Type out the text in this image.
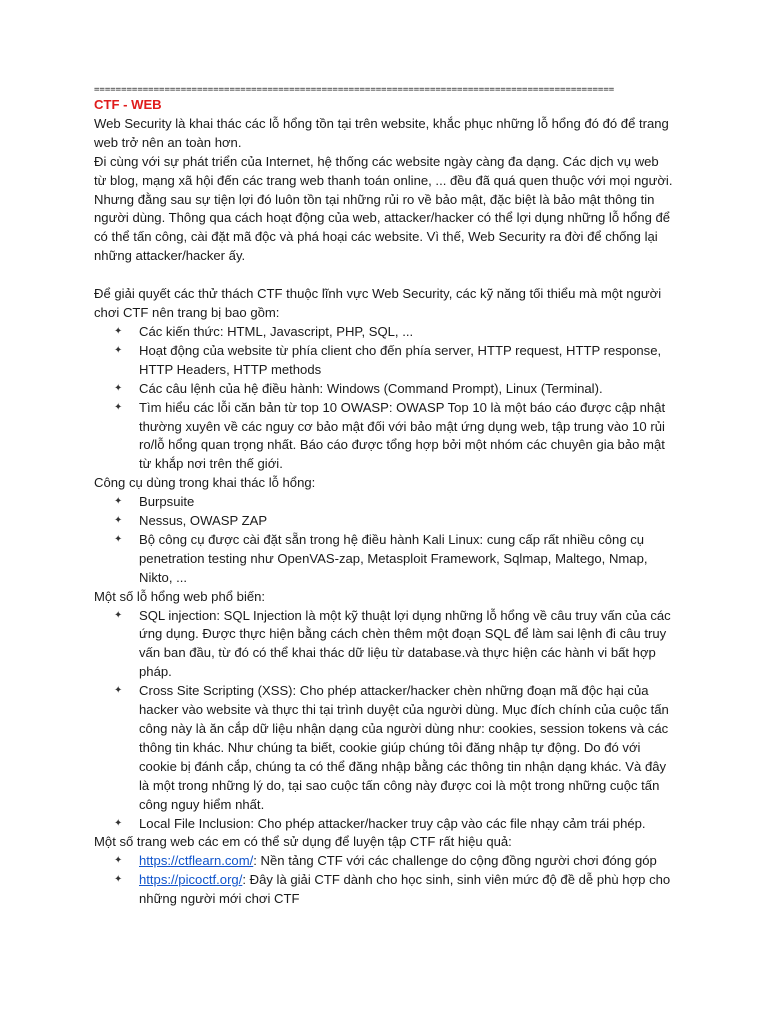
================================================================================================

CTF - WEB

Web Security là khai thác các lỗ hổng tồn tại trên website, khắc phục những lỗ hổng đó đó để trang web trở nên an toàn hơn.

Đi cùng với sự phát triển của Internet, hệ thống các website ngày càng đa dạng. Các dịch vụ web từ blog, mạng xã hội đến các trang web thanh toán online, ... đều đã quá quen thuộc với mọi người. Nhưng đằng sau sự tiện lợi đó luôn tồn tại những rủi ro về bảo mật, đặc biệt là bảo mật thông tin người dùng. Thông qua cách hoạt động của web, attacker/hacker có thể lợi dụng những lỗ hổng để có thể tấn công, cài đặt mã độc và phá hoại các website. Vì thế, Web Security ra đời để chống lại những attacker/hacker ấy.

Để giải quyết các thử thách CTF thuộc lĩnh vực Web Security, các kỹ năng tối thiểu mà một người chơi CTF nên trang bị bao gồm:

✦ Các kiến thức: HTML, Javascript, PHP, SQL, ...
✦ Hoạt động của website từ phía client cho đến phía server, HTTP request, HTTP response, HTTP Headers, HTTP methods
✦ Các câu lệnh của hệ điều hành: Windows (Command Prompt), Linux (Terminal).
✦ Tìm hiểu các lỗi căn bản từ top 10 OWASP: OWASP Top 10 là một báo cáo được cập nhật thường xuyên về các nguy cơ bảo mật đối với bảo mật ứng dụng web, tập trung vào 10 rủi ro/lỗ hổng quan trọng nhất. Báo cáo được tổng hợp bởi một nhóm các chuyên gia bảo mật từ khắp nơi trên thế giới.

Công cụ dùng trong khai thác lỗ hổng:

✦ Burpsuite
✦ Nessus, OWASP ZAP
✦ Bộ công cụ được cài đặt sẵn trong hệ điều hành Kali Linux: cung cấp rất nhiều công cụ penetration testing như OpenVAS-zap, Metasploit Framework, Sqlmap, Maltego, Nmap, Nikto, ...

Một số lỗ hổng web phổ biến:

✦ SQL injection: SQL Injection là một kỹ thuật lợi dụng những lỗ hổng về câu truy vấn của các ứng dụng. Được thực hiện bằng cách chèn thêm một đoạn SQL để làm sai lệnh đi câu truy vấn ban đầu, từ đó có thể khai thác dữ liệu từ database.và thực hiện các hành vi bất hợp pháp.
✦ Cross Site Scripting (XSS): Cho phép attacker/hacker chèn những đoạn mã độc hại của hacker vào website và thực thi tại trình duyệt của người dùng. Mục đích chính của cuộc tấn công này là ăn cắp dữ liệu nhận dạng của người dùng như: cookies, session tokens và các thông tin khác. Như chúng ta biết, cookie giúp chúng tôi đăng nhập tự động. Do đó với cookie bị đánh cắp, chúng ta có thể đăng nhập bằng các thông tin nhận dạng khác. Và đây là một trong những lý do, tại sao cuộc tấn công này được coi là một trong những cuộc tấn công nguy hiểm nhất.
✦ Local File Inclusion: Cho phép attacker/hacker truy cập vào các file nhạy cảm trái phép.

Một số trang web các em có thể sử dụng để luyện tập CTF rất hiệu quả:

✦ https://ctflearn.com/: Nền tảng CTF với các challenge do cộng đồng người chơi đóng góp
✦ https://picoctf.org/: Đây là giải CTF dành cho học sinh, sinh viên mức độ đề dễ phù hợp cho những người mới chơi CTF
